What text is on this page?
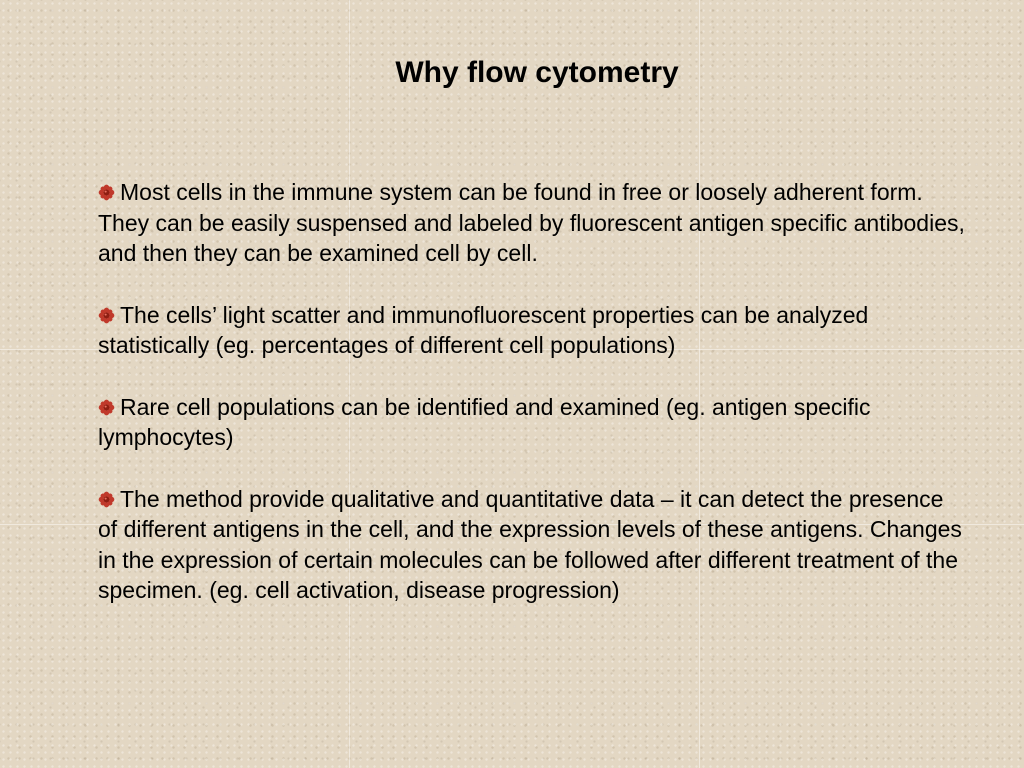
Why flow cytometry

Most cells in the immune system can be found in free or loosely adherent form. They can be easily suspensed and labeled by fluorescent antigen specific antibodies, and then they can be examined cell by cell.

The cells’ light scatter and immunofluorescent properties can be analyzed statistically (eg. percentages of different cell populations)

Rare cell populations can be identified and examined (eg. antigen specific lymphocytes)

The method provide qualitative and quantitative data – it can detect the presence of different antigens in the cell, and the expression levels of these antigens. Changes in the expression of certain molecules can be followed after different treatment of the specimen. (eg. cell activation, disease progression)
